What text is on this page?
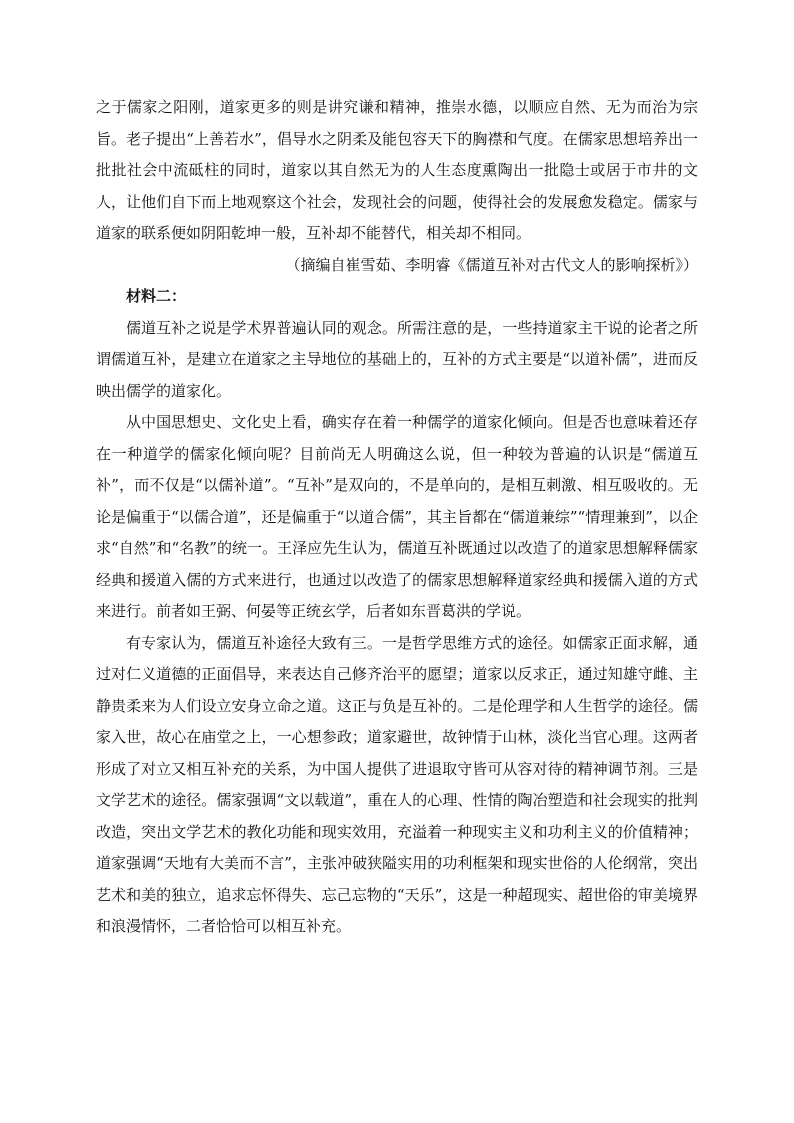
之于儒家之阳刚，道家更多的则是讲究谦和精神，推崇水德，以顺应自然、无为而治为宗旨。老子提出“上善若水”，倡导水之阴柔及能包容天下的胸襟和气度。在儒家思想培养出一批批社会中流砥柱的同时，道家以其自然无为的人生态度熏陶出一批隐士或居于市井的文人，让他们自下而上地观察这个社会，发现社会的问题，使得社会的发展愈发稳定。儒家与道家的联系便如阴阳乾坤一般，互补却不能替代，相关却不相同。

（摘编自崔雪茹、李明睿《儒道互补对古代文人的影响探析》）

材料二：

儒道互补之说是学术界普遍认同的观念。所需注意的是，一些持道家主干说的论者之所谓儒道互补，是建立在道家之主导地位的基础上的，互补的方式主要是“以道补儒”，进而反映出儒学的道家化。

从中国思想史、文化史上看，确实存在着一种儒学的道家化倾向。但是否也意味着还存在一种道学的儒家化倾向呢？目前尚无人明确这么说，但一种较为普遍的认识是“儒道互补”，而不仅是“以儒补道”。“互补”是双向的，不是单向的，是相互刺激、相互吸收的。无论是偏重于“以儒合道”，还是偏重于“以道合儒”，其主旨都在“儒道兼综”“情理兼到”，以企求“自然”和“名教”的统一。王泽应先生认为，儒道互补既通过以改造了的道家思想解释儒家经典和援道入儒的方式来进行，也通过以改造了的儒家思想解释道家经典和援儒入道的方式来进行。前者如王弼、何晏等正统玄学，后者如东晋葛洪的学说。

有专家认为，儒道互补途径大致有三。一是哲学思维方式的途径。如儒家正面求解，通过对仁义道德的正面倡导，来表达自己修齐治平的愿望；道家以反求正，通过知雄守雌、主静贵柔来为人们设立安身立命之道。这正与负是互补的。二是伦理学和人生哲学的途径。儒家入世，故心在庙堂之上，一心想参政；道家避世，故钟情于山林，淡化当官心理。这两者形成了对立又相互补充的关系，为中国人提供了进退取守皆可从容对待的精神调节剂。三是文学艺术的途径。儒家强调“文以载道”，重在人的心理、性情的陶冶塑造和社会现实的批判改造，突出文学艺术的教化功能和现实效用，充溢着一种现实主义和功利主义的价值精神；道家强调“天地有大美而不言”，主张冲破狭隘实用的功利框架和现实世俗的人伦纲常，突出艺术和美的独立，追求忘怀得失、忘己忘物的“天乐”，这是一种超现实、超世俗的审美境界和浪漫情怀，二者恰恰可以相互补充。
